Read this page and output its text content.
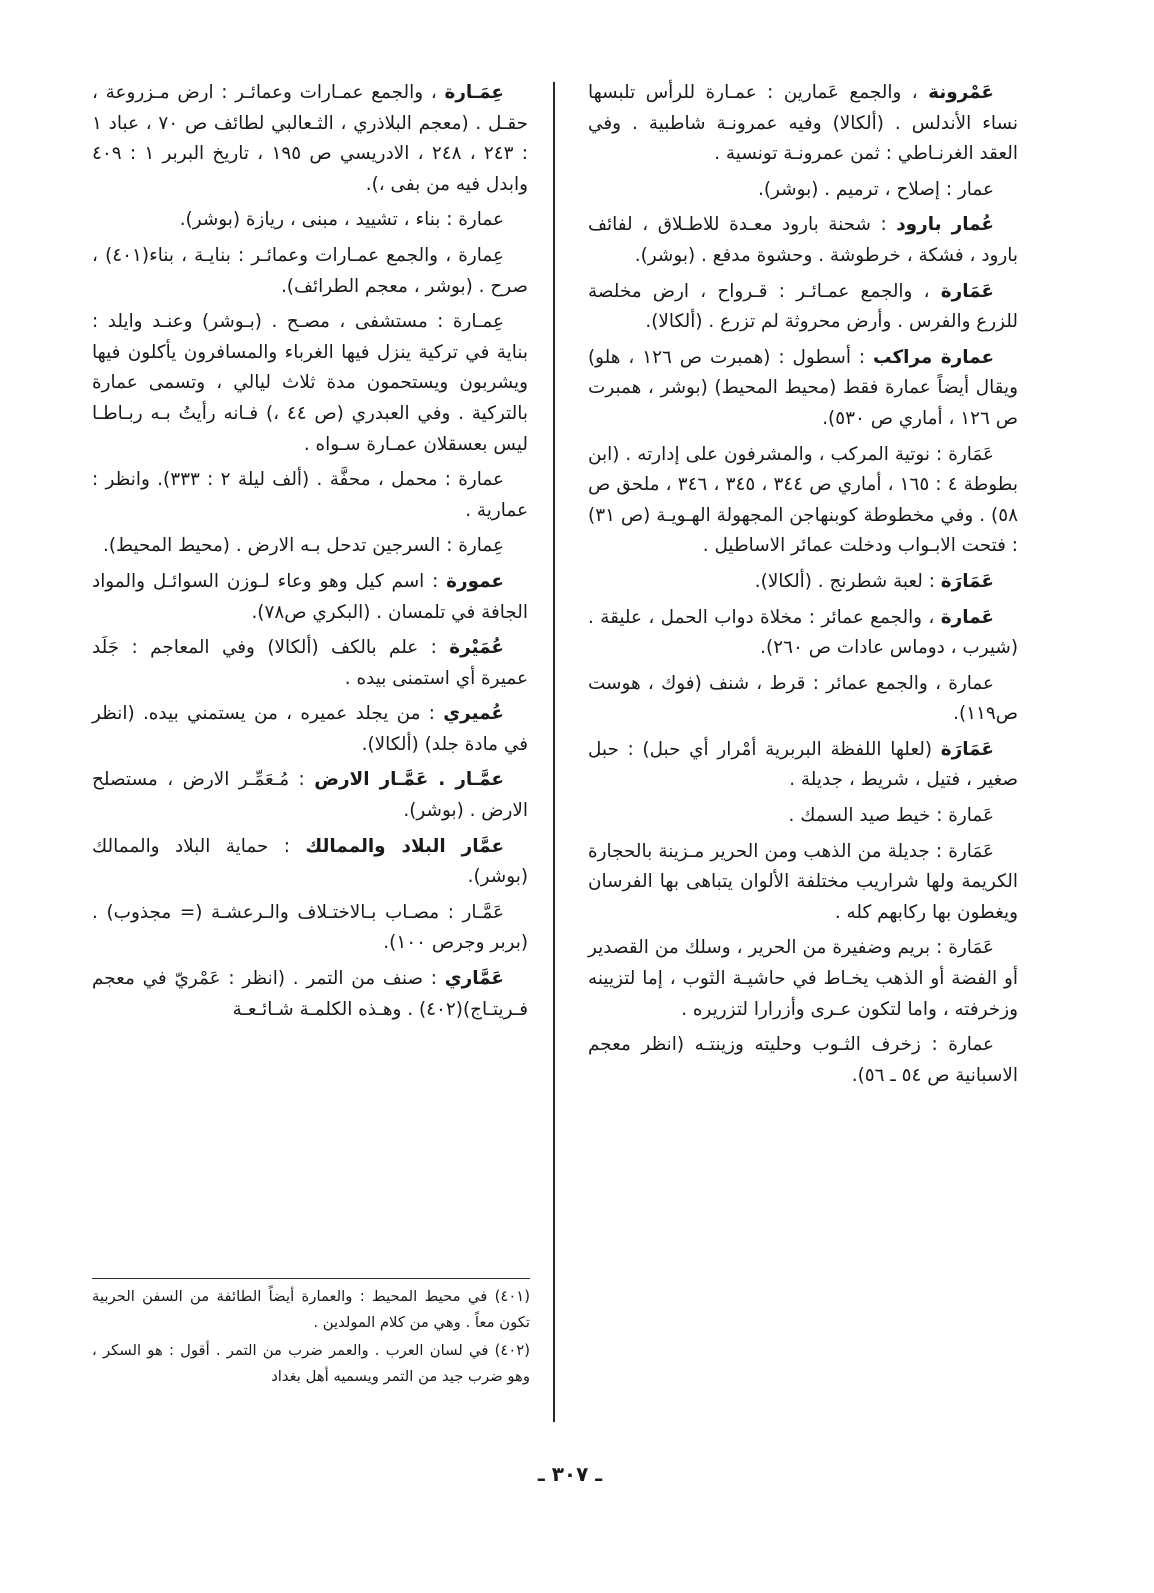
عَمْرونة ، والجمع عَمارين : عمـارة للرأس تلبسها نساء الأندلس . (ألكالا) وفيه عمرونـة شاطبية . وفي العقد الغرنـاطي : ثمن عمرونـة تونسية .

عمار : إصلاح ، ترميم . (بوشر).

عُمار بارود : شحنة بارود معـدة للاطـلاق ، لفائف بارود ، فشكة ، خرطوشة . وحشوة مدفع . (بوشر).

عَمَارة ، والجمع عمـائـر : قـرواح ، ارض مخلصة للزرع والفرس . وأرض محروثة لم تزرع . (ألكالا).

عمارة مراكب : أسطول : (همبرت ص ١٢٦ ، هلو) ويقال أيضاً عمارة فقط (محيط المحيط) (بوشر ، همبرت ص ١٢٦ ، أماري ص ٥٣٠).

عَمَارة : نوتية المركب ، والمشرفون على إدارته . (ابن بطوطة ٤ : ١٦٥ ، أماري ص ٣٤٤ ، ٣٤٥ ، ٣٤٦ ، ملحق ص ٥٨) . وفي مخطوطة كوبنهاجن المجهولة الهـويـة (ص ٣١) : فتحت الابـواب ودخلت عمائر الاساطيل .

عَمَارَة : لعبة شطرنج . (ألكالا).

عَمارة ، والجمع عمائر : مخلاة دواب الحمل ، عليقة . (شيرب ، دوماس عادات ص ٢٦٠).

عمارة ، والجمع عمائر : قرط ، شنف (فوك ، هوست ص١١٩).

عَمَارَة (لعلها اللفظة البربرية أمْرار أي حبل) : حبل صغير ، فتيل ، شريط ، جديلة .

عَمارة : خيط صيد السمك .

عَمَارة : جديلة من الذهب ومن الحرير مـزينة بالحجارة الكريمة ولها شراريب مختلفة الألوان يتباهى بها الفرسان ويغطون بها ركابهم كله .

عَمَارة : بريم وضفيرة من الحرير ، وسلك من القصدير أو الفضة أو الذهب يخـاط في حاشيـة الثوب ، إما لتزيينه وزخرفته ، واما لتكون عـرى وأزرارا لتزريره .

عمارة : زخرف الثـوب وحليته وزينتـه (انظر معجم الاسبانية ص ٥٤ ـ ٥٦).

عِمَـارة ، والجمع عمـارات وعمائـر : ارض مـزروعة ، حقـل . (معجم البلاذري ، الثـعالبي لطائف ص ٧٠ ، عباد ١ : ٢٤٣ ، ٢٤٨ ، الادريسي ص ١٩٥ ، تاريخ البربر ١ : ٤٠٩ وابدل فيه من بفى ،).

عمارة : بناء ، تشييد ، مبنى ، ريازة (بوشر).

عِمارة ، والجمع عمـارات وعمائـر : بنايـة ، بناء(٤٠١) ، صرح . (بوشر ، معجم الطرائف).

عِمـارة : مستشفى ، مصـح . (بـوشر) وعنـد وايلد : بناية في تركية ينزل فيها الغرباء والمسافرون يأكلون فيها ويشربون ويستحمون مدة ثلاث ليالي ، وتسمى عمارة بالتركية . وفي العبدري (ص ٤٤ ،) فـانه رأيتُ بـه ربـاطـا ليس بعسقلان عمـارة سـواه .

عمارة : محمل ، محفَّة . (ألف ليلة ٢ : ٣٣٣). وانظر : عمارية .

عِمارة : السرجين تدحل بـه الارض . (محيط المحيط).

عمورة : اسم كيل وهو وعاء لـوزن السوائـل والمواد الجافة في تلمسان . (البكري ص٧٨).

عُمَيْرة : علم بالكف (ألكالا) وفي المعاجم : جَلَد عميرة أي استمنى بيده .

عُميري : من يجلد عميره ، من يستمني بيده. (انظر في مادة جلد) (ألكالا).

عمَّـار . عَمَّـار الارض : مُـعَمِّـر الارض ، مستصلح الارض . (بوشر).

عمَّار البلاد والممالك : حماية البلاد والممالك (بوشر).

عَمَّـار : مصـاب بـالاختـلاف والـرعشـة (= مجذوب) . (بربر وجرص ١٠٠).

عَمَّاري : صنف من التمر . (انظر : عَمْريّ في معجم فـريتـاج)(٤٠٢) . وهـذه الكلمـة شـائـعـة

(٤٠١) في محيط المحيط : والعمارة أيضاً الطائفة من السفن الحربية تكون معاً . وهي من كلام المولدين .

(٤٠٢) في لسان العرب . والعمر ضرب من التمر . أقول : هو السكر ، وهو ضرب جيد من التمر ويسميه أهل بغداد

ـ ٣٠٧ ـ
